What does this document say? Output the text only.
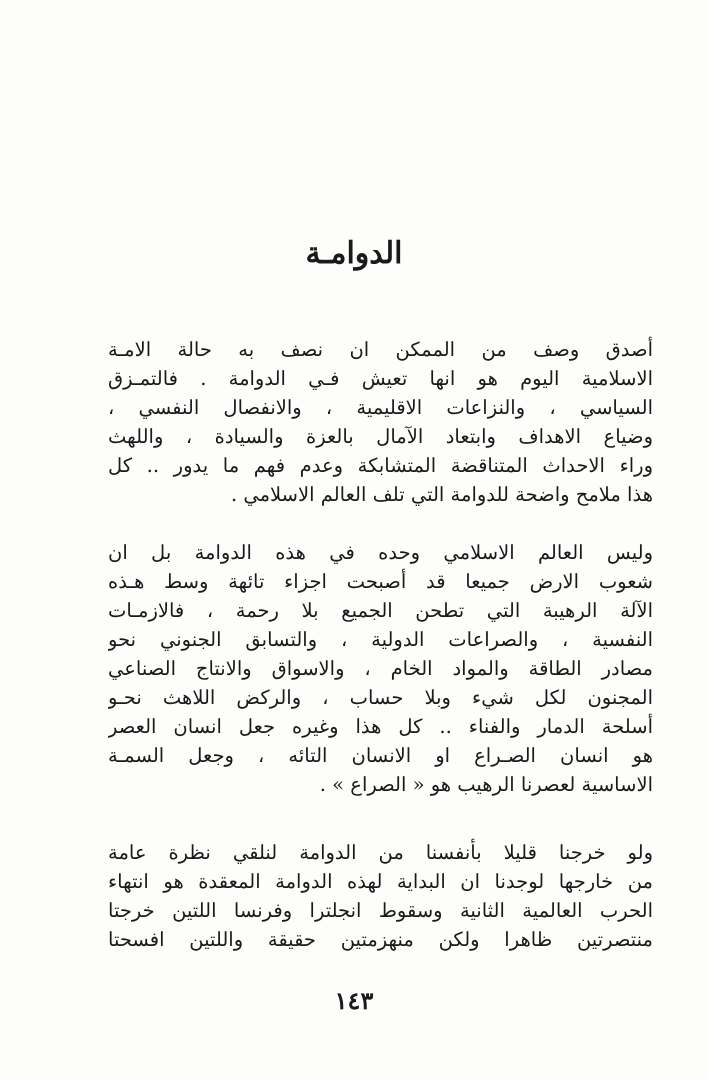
الدوامـة
أصدق وصف من الممكن ان نصف به حالة الامـة
الاسلامية اليوم هو انها تعيش فـي الدوامة . فالتمـزق
السياسي ، والنزاعات الاقليمية ، والانفصال النفسي ،
وضياع الاهداف وابتعاد الآمال بالعزة والسيادة ، واللهث
وراء الاحداث المتناقضة المتشابكة وعدم فهم ما يدور .. كل
هذا ملامح واضحة للدوامة التي تلف العالم الاسلامي .
وليس العالم الاسلامي وحده في هذه الدوامة بل ان
شعوب الارض جميعا قد أصبحت اجزاء تائهة وسط هـذه
الآلة الرهيبة التي تطحن الجميع بلا رحمة ، فالازمـات
النفسية ، والصراعات الدولية ، والتسابق الجنوني نحو
مصادر الطاقة والمواد الخام ، والاسواق والانتاج الصناعي
المجنون لكل شيء وبلا حساب ، والركض اللاهث نحـو
أسلحة الدمار والفناء .. كل هذا وغيره جعل انسان العصر
هو انسان الصـراع او الانسان التائه ، وجعل السمـة
الاساسية لعصرنا الرهيب هو « الصراع » .
ولو خرجنا قليلا بأنفسنا من الدوامة لنلقي نظرة عامة
من خارجها لوجدنا ان البداية لهذه الدوامة المعقدة هو انتهاء
الحرب العالمية الثانية وسقوط انجلترا وفرنسا اللتين خرجتا
منتصرتين ظاهرا ولكن منهزمتين حقيقة واللتين افسحتا
١٤٣
